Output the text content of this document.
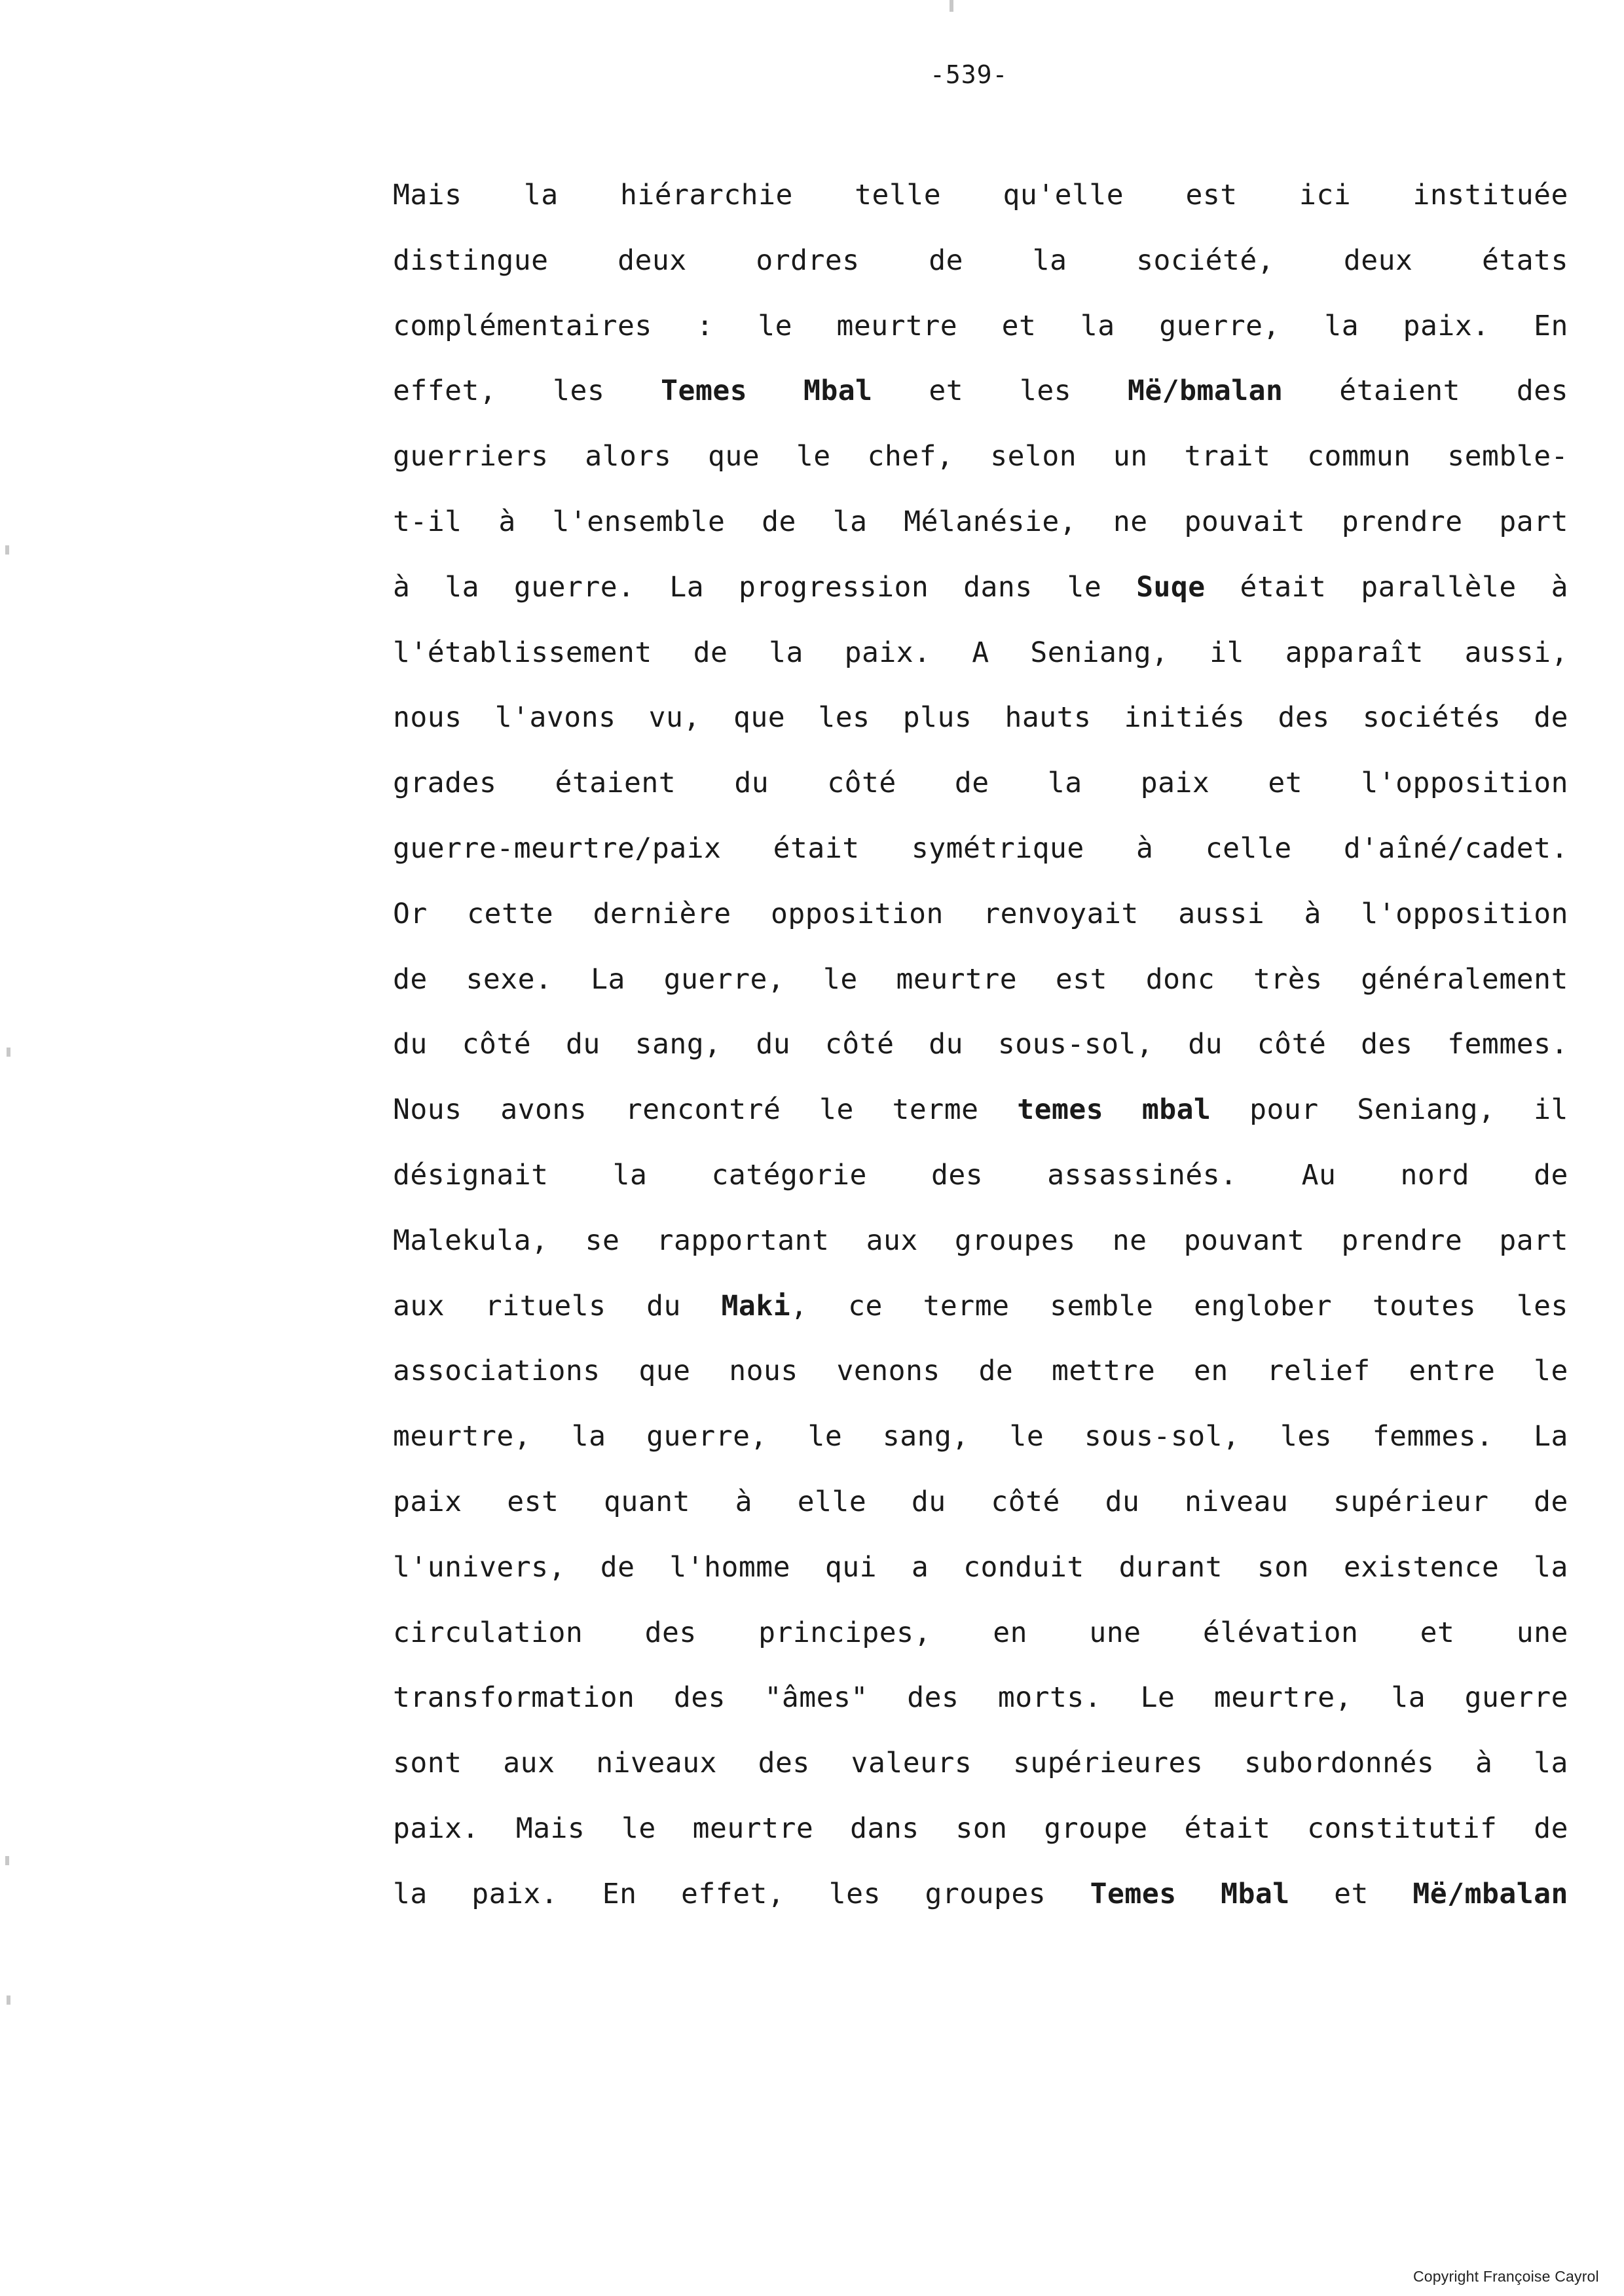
-539-
Mais la hiérarchie telle qu'elle est ici instituée
distingue deux ordres de la société, deux états
complémentaires : le meurtre et la guerre, la paix. En
effet, les Temes Mbal et les Më/bmalan étaient des
guerriers alors que le chef, selon un trait commun semble-
t-il à l'ensemble de la Mélanésie, ne pouvait prendre part
à la guerre. La progression dans le Suqe était parallèle à
l'établissement de la paix. A Seniang, il apparaît aussi,
nous l'avons vu, que les plus hauts initiés des sociétés de
grades étaient du côté de la paix et l'opposition
guerre-meurtre/paix était symétrique à celle d'aîné/cadet.
Or cette dernière opposition renvoyait aussi à l'opposition
de sexe. La guerre, le meurtre est donc très généralement
du côté du sang, du côté du sous-sol, du côté des femmes.
Nous avons rencontré le terme temes mbal pour Seniang, il
désignait la catégorie des assassinés. Au nord de
Malekula, se rapportant aux groupes ne pouvant prendre part
aux rituels du Maki, ce terme semble englober toutes les
associations que nous venons de mettre en relief entre le
meurtre, la guerre, le sang, le sous-sol, les femmes. La
paix est quant à elle du côté du niveau supérieur de
l'univers, de l'homme qui a conduit durant son existence la
circulation des principes, en une élévation et une
transformation des "âmes" des morts. Le meurtre, la guerre
sont aux niveaux des valeurs supérieures subordonnés à la
paix. Mais le meurtre dans son groupe était constitutif de
la paix. En effet, les groupes Temes Mbal et Më/mbalan
Copyright Françoise Cayrol
